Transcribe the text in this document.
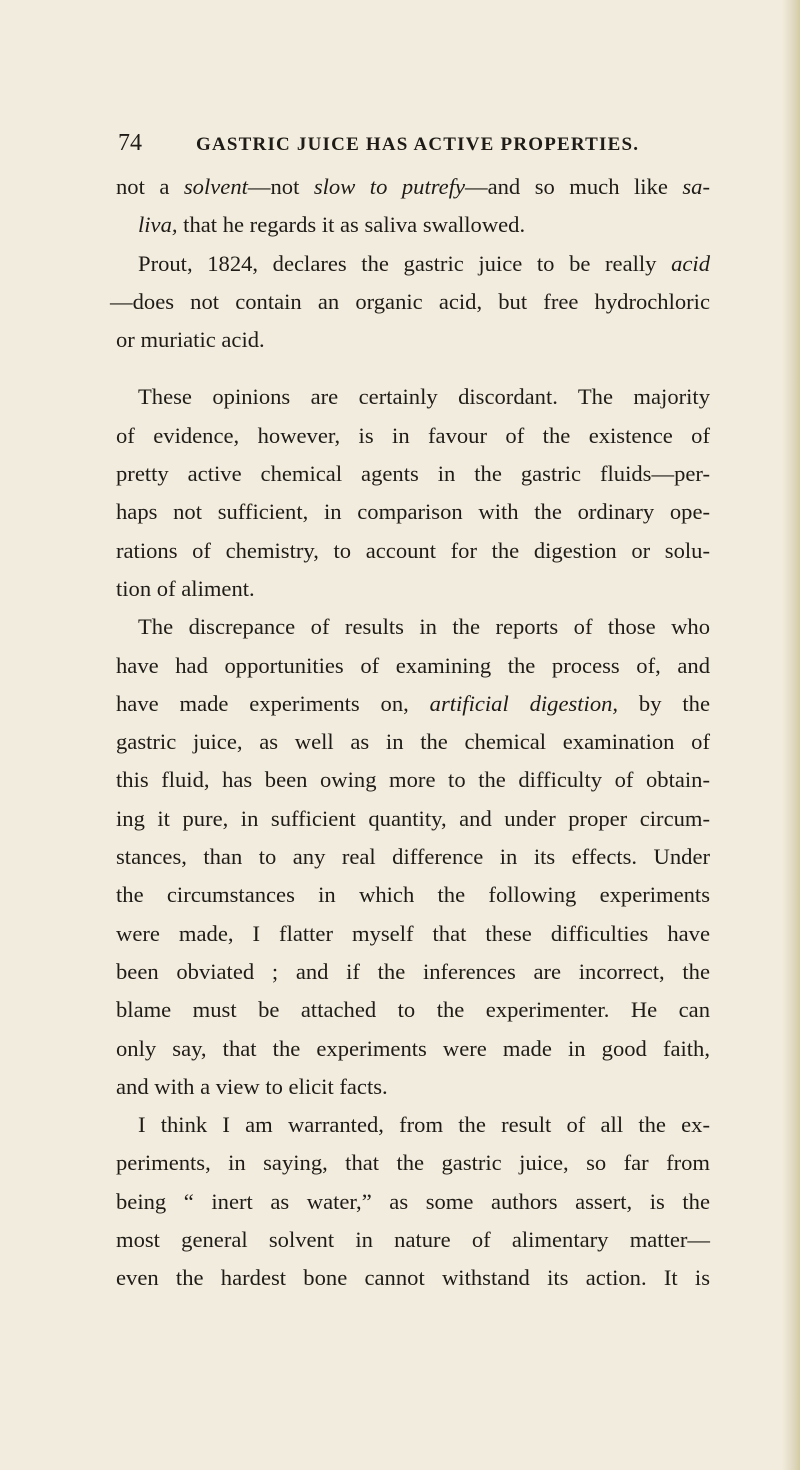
74	GASTRIC JUICE HAS ACTIVE PROPERTIES.
not a solvent—not slow to putrefy—and so much like sa-
liva, that he regards it as saliva swallowed.
Prout, 1824, declares the gastric juice to be really acid
—does not contain an organic acid, but free hydrochloric
or muriatic acid.
These opinions are certainly discordant. The majority
of evidence, however, is in favour of the existence of
pretty active chemical agents in the gastric fluids—per-
haps not sufficient, in comparison with the ordinary ope-
rations of chemistry, to account for the digestion or solu-
tion of aliment.
The discrepance of results in the reports of those who
have had opportunities of examining the process of, and
have made experiments on, artificial digestion, by the
gastric juice, as well as in the chemical examination of
this fluid, has been owing more to the difficulty of obtain-
ing it pure, in sufficient quantity, and under proper circum-
stances, than to any real difference in its effects. Under
the circumstances in which the following experiments
were made, I flatter myself that these difficulties have
been obviated ; and if the inferences are incorrect, the
blame must be attached to the experimenter. He can
only say, that the experiments were made in good faith,
and with a view to elicit facts.
I think I am warranted, from the result of all the ex-
periments, in saying, that the gastric juice, so far from
being “ inert as water,” as some authors assert, is the
most general solvent in nature of alimentary matter—
even the hardest bone cannot withstand its action. It is
